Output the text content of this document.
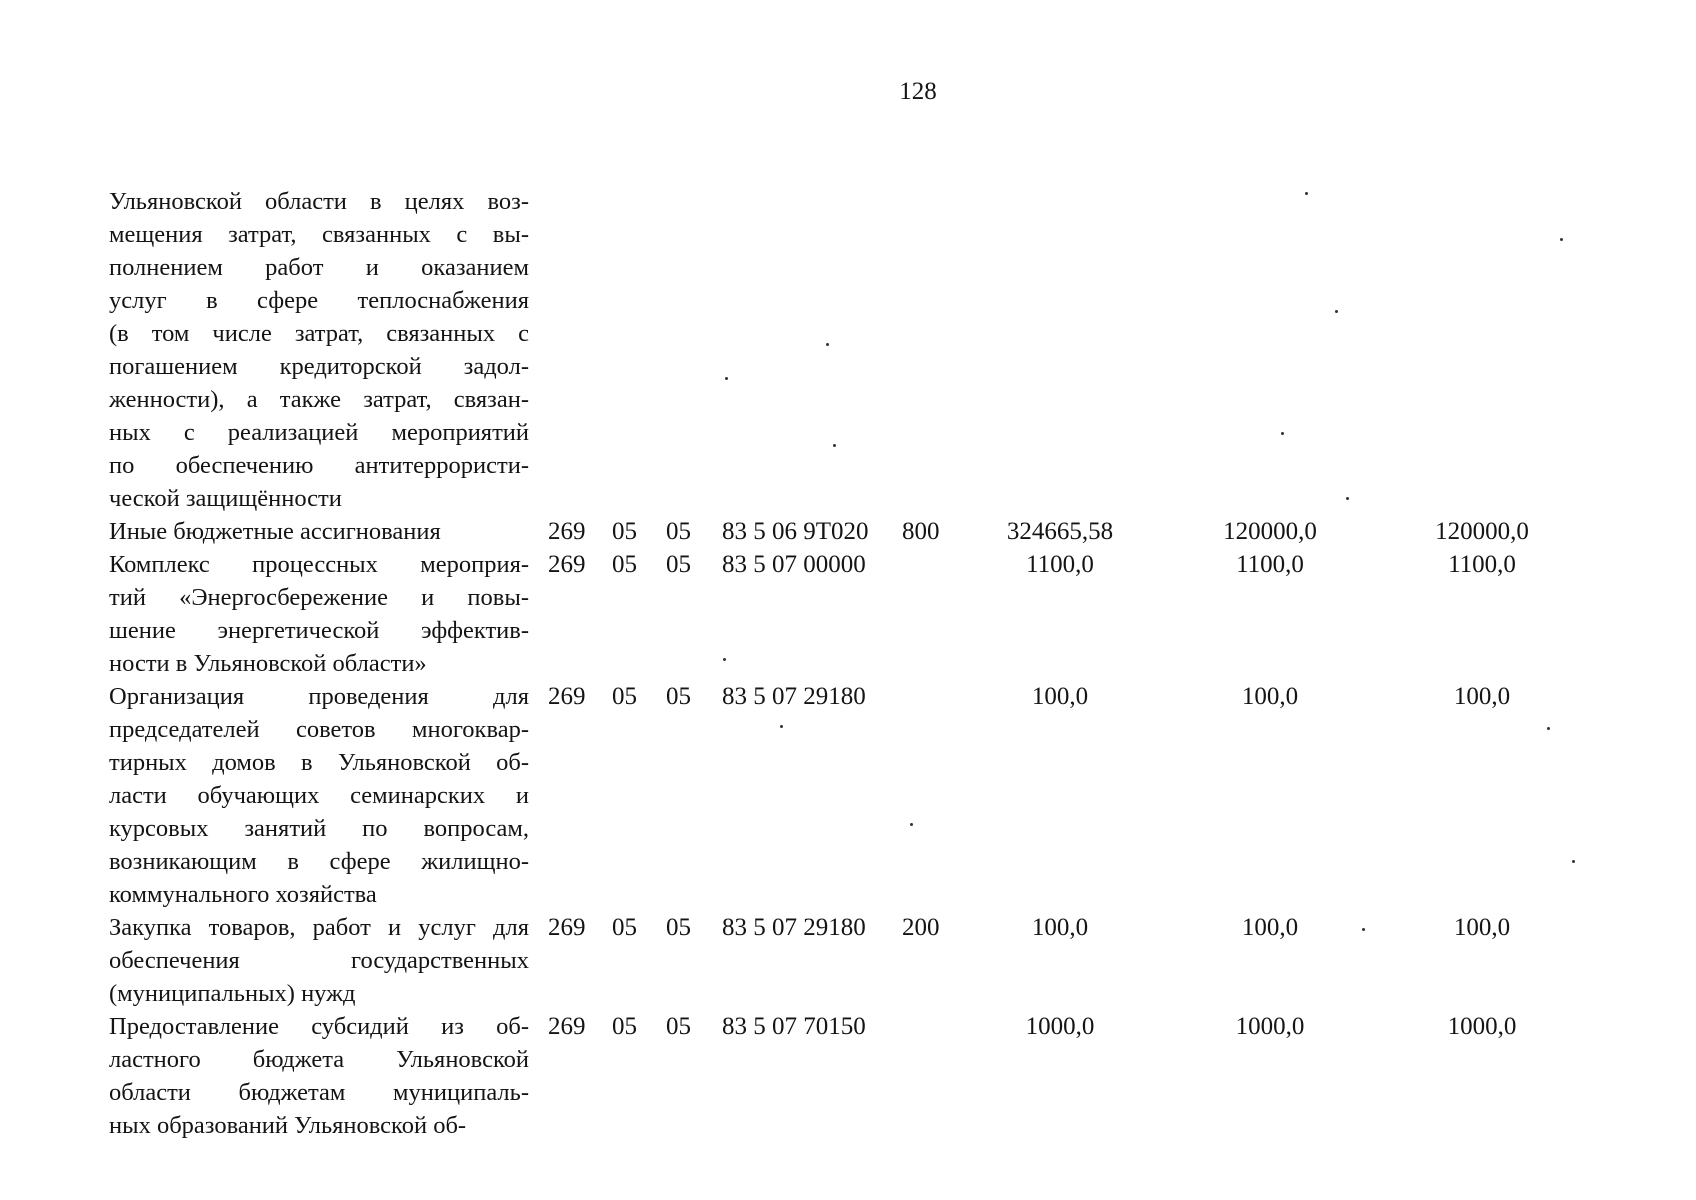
128
Ульяновской области в целях воз-
мещения затрат, связанных с вы-
полнением работ и оказанием
услуг в сфере теплоснабжения
(в том числе затрат, связанных с
погашением кредиторской задол-
женности), а также затрат, связан-
ных с реализацией мероприятий
по обеспечению антитеррористи-
ческой защищённости
Иные бюджетные ассигнования	269 05 05 83 5 06 9Т020 800	324665,58	120000,0	120000,0
Комплекс процессных мероприя-
тий «Энергосбережение и повы-
шение энергетической эффектив-
ности в Ульяновской области»
269 05 05 83 5 07 00000	1100,0	1100,0	1100,0
Организация проведения для
председателей советов многоквар-
тирных домов в Ульяновской об-
ласти обучающих семинарских и
курсовых занятий по вопросам,
возникающим в сфере жилищно-
коммунального хозяйства
269 05 05 83 5 07 29180	100,0	100,0	100,0
Закупка товаров, работ и услуг для
обеспечения государственных
(муниципальных) нужд
269 05 05 83 5 07 29180 200	100,0	100,0	100,0
Предоставление субсидий из об-
ластного бюджета Ульяновской
области бюджетам муниципаль-
ных образований Ульяновской об-
269 05 05 83 5 07 70150	1000,0	1000,0	1000,0
